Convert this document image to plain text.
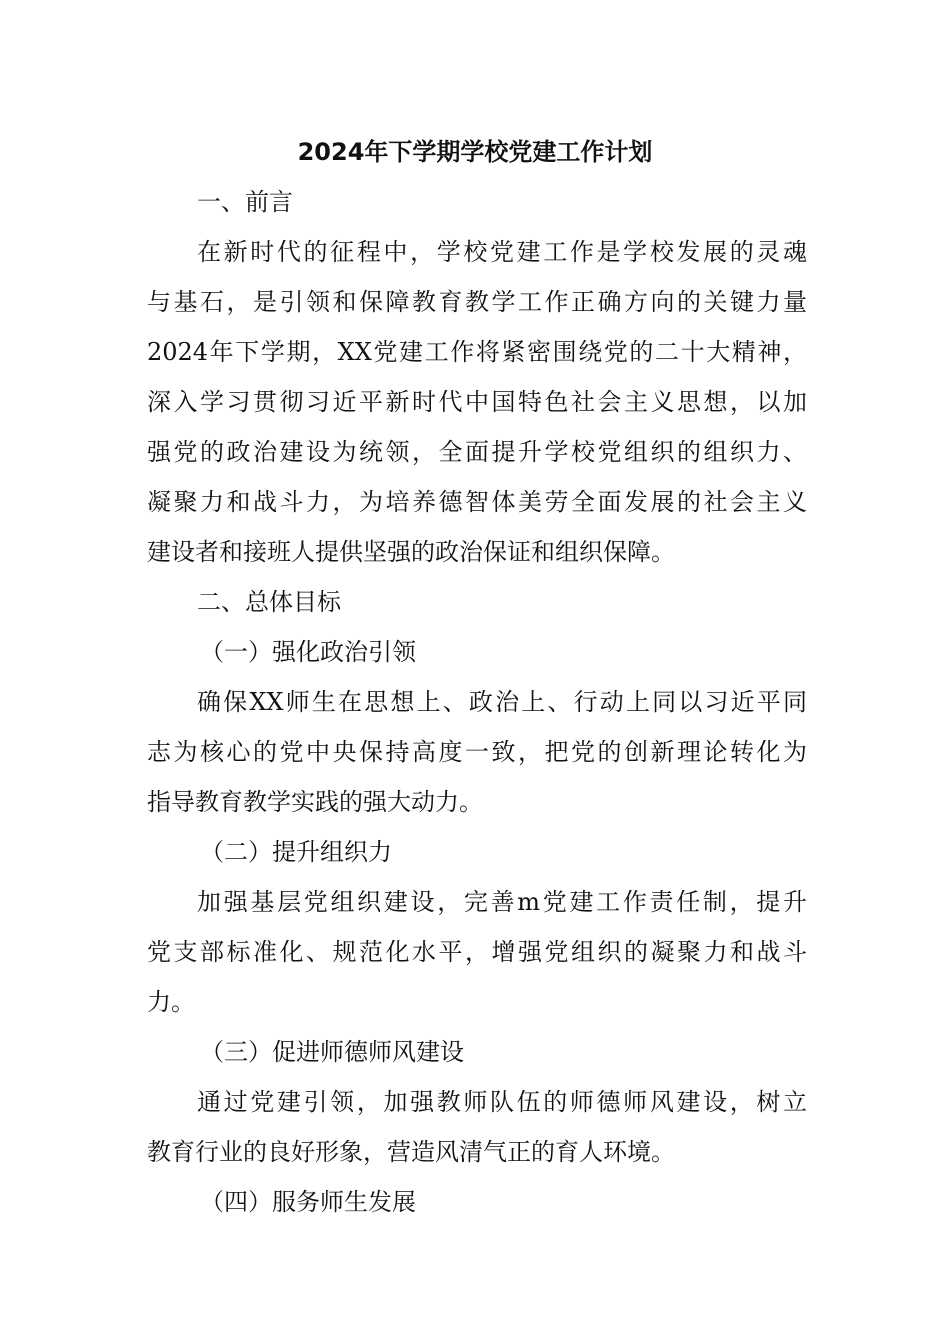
2024年下学期学校党建工作计划
一、前言
在新时代的征程中，学校党建工作是学校发展的灵魂
与基石，是引领和保障教育教学工作正确方向的关键力量
2024年下学期，XX党建工作将紧密围绕党的二十大精神，
深入学习贯彻习近平新时代中国特色社会主义思想，以加
强党的政治建设为统领，全面提升学校党组织的组织力、
凝聚力和战斗力，为培养德智体美劳全面发展的社会主义
建设者和接班人提供坚强的政治保证和组织保障。
二、总体目标
（一）强化政治引领
确保XX师生在思想上、政治上、行动上同以习近平同
志为核心的党中央保持高度一致，把党的创新理论转化为
指导教育教学实践的强大动力。
（二）提升组织力
加强基层党组织建设，完善m党建工作责任制，提升
党支部标准化、规范化水平，增强党组织的凝聚力和战斗
力。
（三）促进师德师风建设
通过党建引领，加强教师队伍的师德师风建设，树立
教育行业的良好形象，营造风清气正的育人环境。
（四）服务师生发展
